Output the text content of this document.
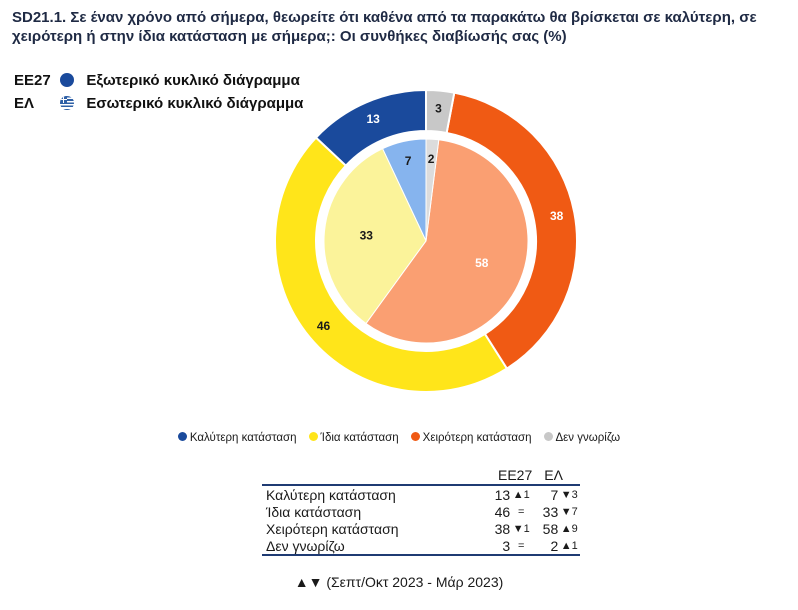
SD21.1. Σε έναν χρόνο από σήμερα, θεωρείτε ότι καθένα από τα παρακάτω θα βρίσκεται σε καλύτερη, σε χειρότερη ή στην ίδια κατάσταση με σήμερα;: Οι συνθήκες διαβίωσής σας (%)
ΕΕ27 Εξωτερικό κυκλικό διάγραμμα
ΕΛ	Εσωτερικό κυκλικό διάγραμμα
13
46
38
3
7
33
58
2
Καλύτερη κατάσταση Ίδια κατάσταση Χειρότερη κατάσταση Δεν γνωρίζω
	ΕΕ27		ΕΛ	
Καλύτερη κατάσταση	13	▲1	7	▼3
Ίδια κατάσταση	46	=	33	▼7
Χειρότερη κατάσταση	38	▼1	58	▲9
Δεν γνωρίζω	3	=	2	▲1
▲▼ (Σεπτ/Οκτ 2023 - Μάρ 2023)
